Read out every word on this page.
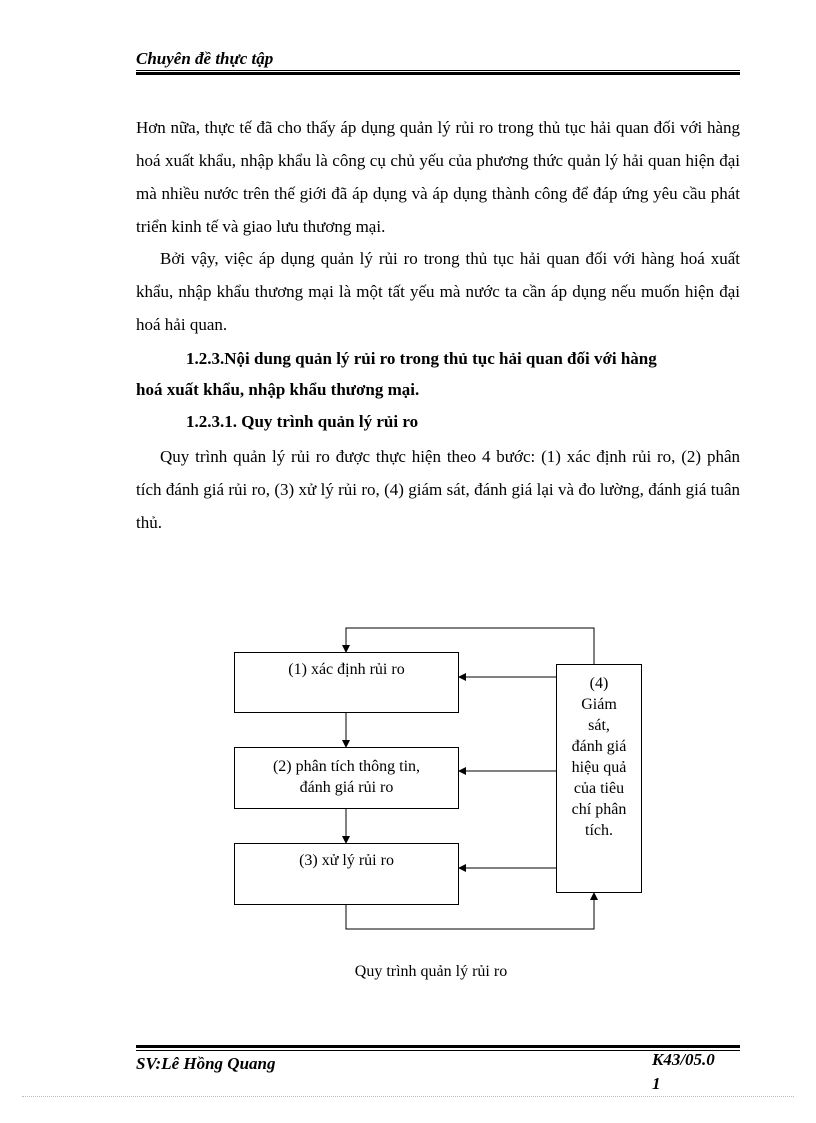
Chuyên đề thực tập

Hơn nữa, thực tế đã cho thấy áp dụng quản lý rủi ro trong thủ tục hải quan đối với hàng hoá xuất khẩu, nhập khẩu là công cụ chủ yếu của phương thức quản lý hải quan hiện đại mà nhiều nước trên thế giới đã áp dụng và áp dụng thành công để đáp ứng yêu cầu phát triển kinh tế và giao lưu thương mại.

Bởi vậy, việc áp dụng quản lý rủi ro trong thủ tục hải quan đối với hàng hoá xuất khẩu, nhập khẩu thương mại là một tất yếu mà nước ta cần áp dụng nếu muốn hiện đại hoá hải quan.

1.2.3.Nội dung quản lý rủi ro trong thủ tục hải quan đối với hàng

hoá xuất khẩu, nhập khẩu thương mại.

1.2.3.1. Quy trình quản lý rủi ro

Quy trình quản lý rủi ro được thực hiện theo 4 bước: (1) xác định rủi ro, (2) phân tích đánh giá rủi ro, (3) xử lý rủi ro, (4) giám sát, đánh giá lại và đo lường, đánh giá tuân thủ.

(1) xác định rủi ro
(2) phân tích thông tin,
đánh giá rủi ro
(3) xử lý rủi ro
(4)
Giám
sát,
đánh giá
hiệu quả
của tiêu
chí phân
tích.
Quy trình quản lý rủi ro
SV:Lê Hồng Quang	K43/05.0
1
